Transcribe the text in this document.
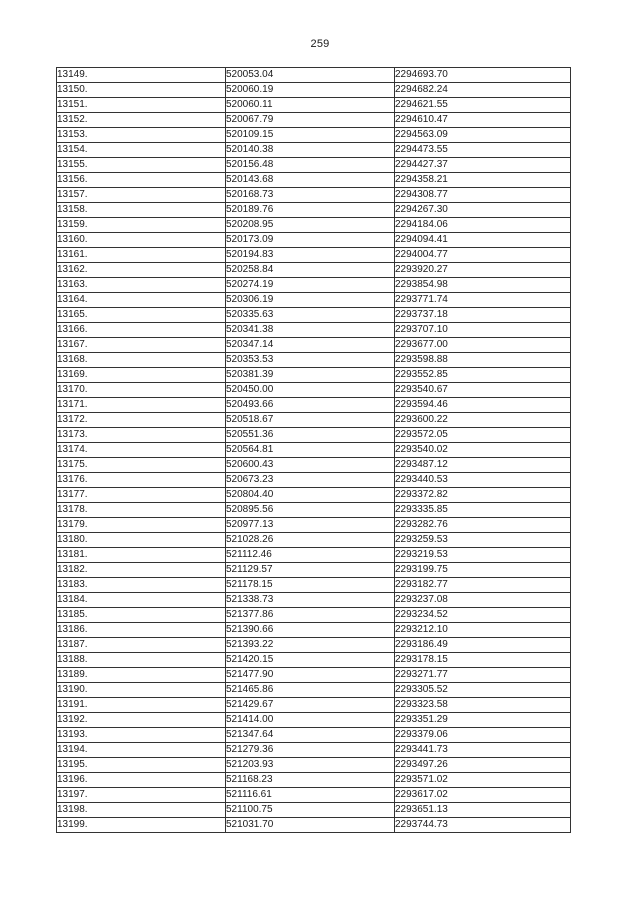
259
13149.	520053.04	2294693.70
13150.	520060.19	2294682.24
13151.	520060.11	2294621.55
13152.	520067.79	2294610.47
13153.	520109.15	2294563.09
13154.	520140.38	2294473.55
13155.	520156.48	2294427.37
13156.	520143.68	2294358.21
13157.	520168.73	2294308.77
13158.	520189.76	2294267.30
13159.	520208.95	2294184.06
13160.	520173.09	2294094.41
13161.	520194.83	2294004.77
13162.	520258.84	2293920.27
13163.	520274.19	2293854.98
13164.	520306.19	2293771.74
13165.	520335.63	2293737.18
13166.	520341.38	2293707.10
13167.	520347.14	2293677.00
13168.	520353.53	2293598.88
13169.	520381.39	2293552.85
13170.	520450.00	2293540.67
13171.	520493.66	2293594.46
13172.	520518.67	2293600.22
13173.	520551.36	2293572.05
13174.	520564.81	2293540.02
13175.	520600.43	2293487.12
13176.	520673.23	2293440.53
13177.	520804.40	2293372.82
13178.	520895.56	2293335.85
13179.	520977.13	2293282.76
13180.	521028.26	2293259.53
13181.	521112.46	2293219.53
13182.	521129.57	2293199.75
13183.	521178.15	2293182.77
13184.	521338.73	2293237.08
13185.	521377.86	2293234.52
13186.	521390.66	2293212.10
13187.	521393.22	2293186.49
13188.	521420.15	2293178.15
13189.	521477.90	2293271.77
13190.	521465.86	2293305.52
13191.	521429.67	2293323.58
13192.	521414.00	2293351.29
13193.	521347.64	2293379.06
13194.	521279.36	2293441.73
13195.	521203.93	2293497.26
13196.	521168.23	2293571.02
13197.	521116.61	2293617.02
13198.	521100.75	2293651.13
13199.	521031.70	2293744.73
